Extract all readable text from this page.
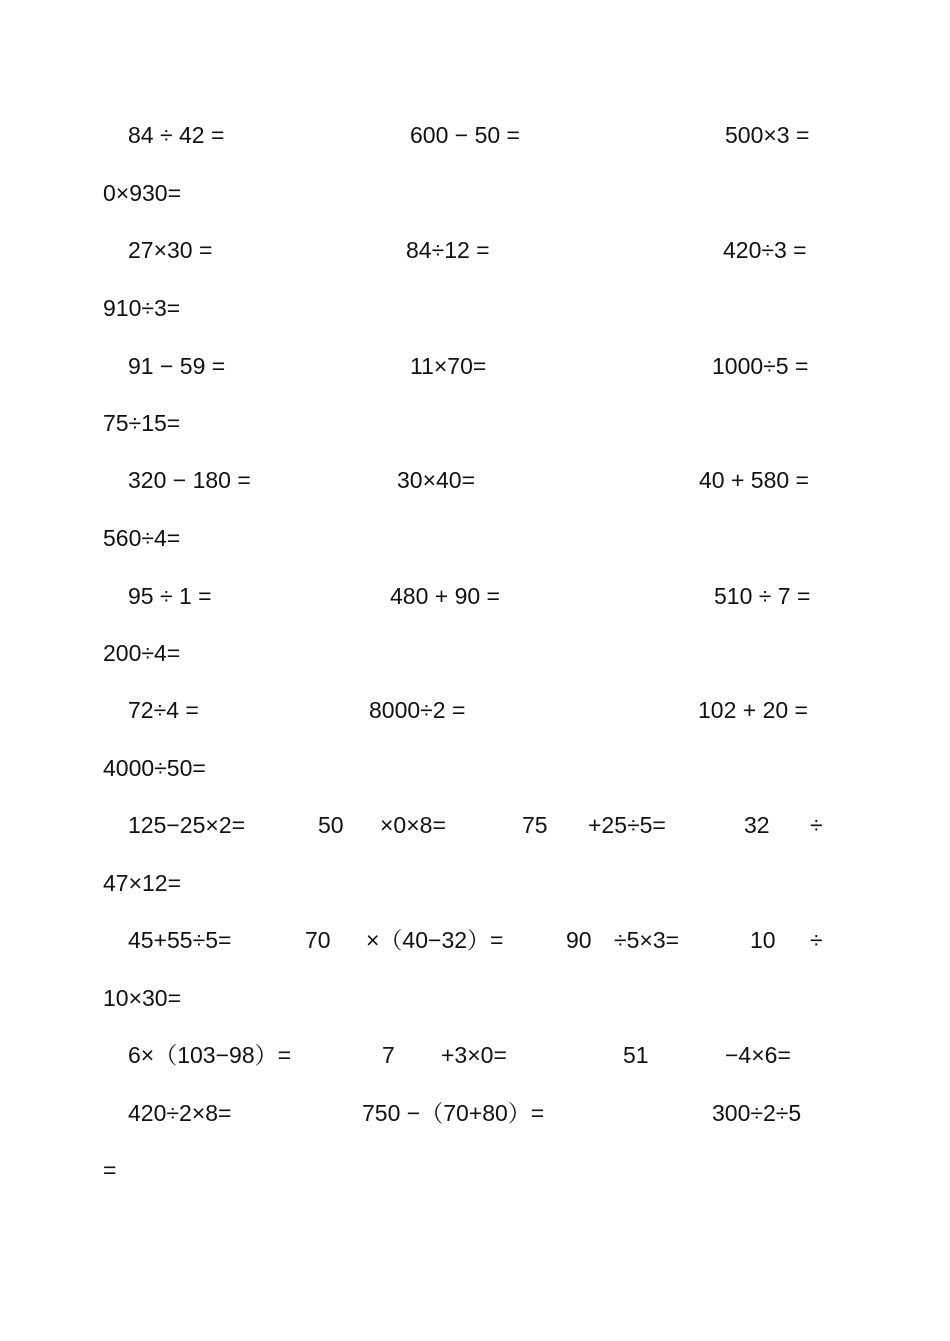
84 ÷ 42 =	600 − 50 =	500×3 =
0×930=
27×30 =	84÷12 =	420÷3 =
910÷3=
91 − 59 =	11×70=	1000÷5 =
75÷15=
320 − 180 =	30×40=	40 + 580 =
560÷4=
95 ÷ 1 =	480 + 90 =	510 ÷ 7 =
200÷4=
72÷4 =	8000÷2 =	102 + 20 =
4000÷50=
125−25×2=	50 ×0×8=	75 +25÷5=	32 ÷
47×12=
45+55÷5=	70 ×（40−32）=	90 ÷5×3=	10 ÷
10×30=
6×（103−98）=	7 +3×0=	51	−4×6=
420÷2×8=	750 −（70+80）=	300÷2÷5
=
